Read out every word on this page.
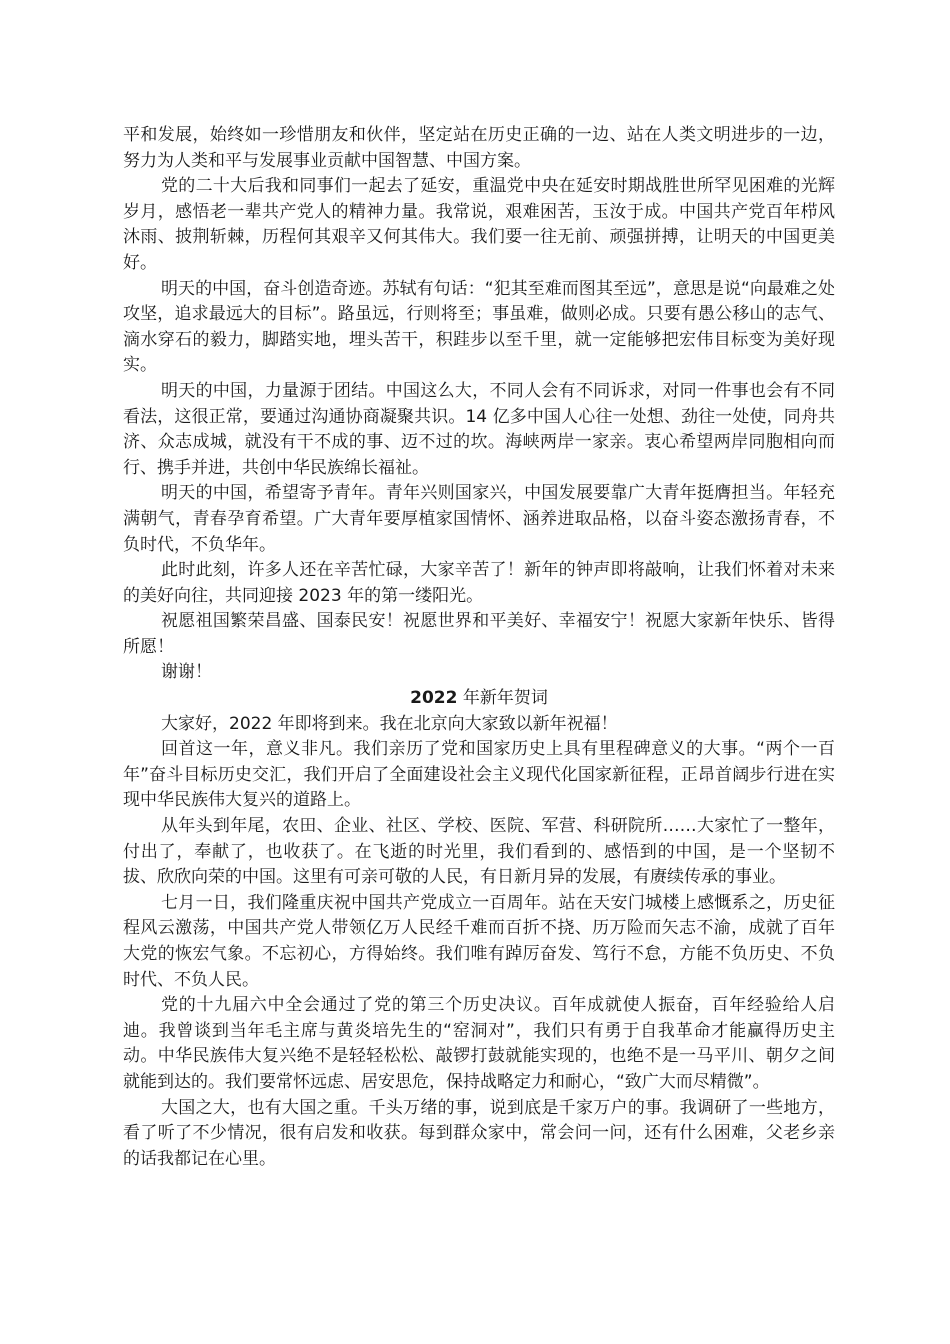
平和发展，始终如一珍惜朋友和伙伴，坚定站在历史正确的一边、站在人类文明进步的一边，努力为人类和平与发展事业贡献中国智慧、中国方案。

党的二十大后我和同事们一起去了延安，重温党中央在延安时期战胜世所罕见困难的光辉岁月，感悟老一辈共产党人的精神力量。我常说，艰难困苦，玉汝于成。中国共产党百年栉风沐雨、披荆斩棘，历程何其艰辛又何其伟大。我们要一往无前、顽强拼搏，让明天的中国更美好。

明天的中国，奋斗创造奇迹。苏轼有句话：“犯其至难而图其至远”，意思是说“向最难之处攻坚，追求最远大的目标”。路虽远，行则将至；事虽难，做则必成。只要有愚公移山的志气、滴水穿石的毅力，脚踏实地，埋头苦干，积跬步以至千里，就一定能够把宏伟目标变为美好现实。

明天的中国，力量源于团结。中国这么大，不同人会有不同诉求，对同一件事也会有不同看法，这很正常，要通过沟通协商凝聚共识。14 亿多中国人心往一处想、劲往一处使，同舟共济、众志成城，就没有干不成的事、迈不过的坎。海峡两岸一家亲。衷心希望两岸同胞相向而行、携手并进，共创中华民族绵长福祉。

明天的中国，希望寄予青年。青年兴则国家兴，中国发展要靠广大青年挺膺担当。年轻充满朝气，青春孕育希望。广大青年要厚植家国情怀、涵养进取品格，以奋斗姿态激扬青春，不负时代，不负华年。

此时此刻，许多人还在辛苦忙碌，大家辛苦了！新年的钟声即将敲响，让我们怀着对未来的美好向往，共同迎接 2023 年的第一缕阳光。

祝愿祖国繁荣昌盛、国泰民安！祝愿世界和平美好、幸福安宁！祝愿大家新年快乐、皆得所愿！

谢谢！

2022 年新年贺词

大家好，2022 年即将到来。我在北京向大家致以新年祝福！

回首这一年，意义非凡。我们亲历了党和国家历史上具有里程碑意义的大事。“两个一百年”奋斗目标历史交汇，我们开启了全面建设社会主义现代化国家新征程，正昂首阔步行进在实现中华民族伟大复兴的道路上。

从年头到年尾，农田、企业、社区、学校、医院、军营、科研院所……大家忙了一整年，付出了，奉献了，也收获了。在飞逝的时光里，我们看到的、感悟到的中国，是一个坚韧不拔、欣欣向荣的中国。这里有可亲可敬的人民，有日新月异的发展，有赓续传承的事业。

七月一日，我们隆重庆祝中国共产党成立一百周年。站在天安门城楼上感慨系之，历史征程风云激荡，中国共产党人带领亿万人民经千难而百折不挠、历万险而矢志不渝，成就了百年大党的恢宏气象。不忘初心，方得始终。我们唯有踔厉奋发、笃行不怠，方能不负历史、不负时代、不负人民。

党的十九届六中全会通过了党的第三个历史决议。百年成就使人振奋，百年经验给人启迪。我曾谈到当年毛主席与黄炎培先生的“窑洞对”，我们只有勇于自我革命才能赢得历史主动。中华民族伟大复兴绝不是轻轻松松、敲锣打鼓就能实现的，也绝不是一马平川、朝夕之间就能到达的。我们要常怀远虑、居安思危，保持战略定力和耐心，“致广大而尽精微”。

大国之大，也有大国之重。千头万绪的事，说到底是千家万户的事。我调研了一些地方，看了听了不少情况，很有启发和收获。每到群众家中，常会问一问，还有什么困难，父老乡亲的话我都记在心里。
